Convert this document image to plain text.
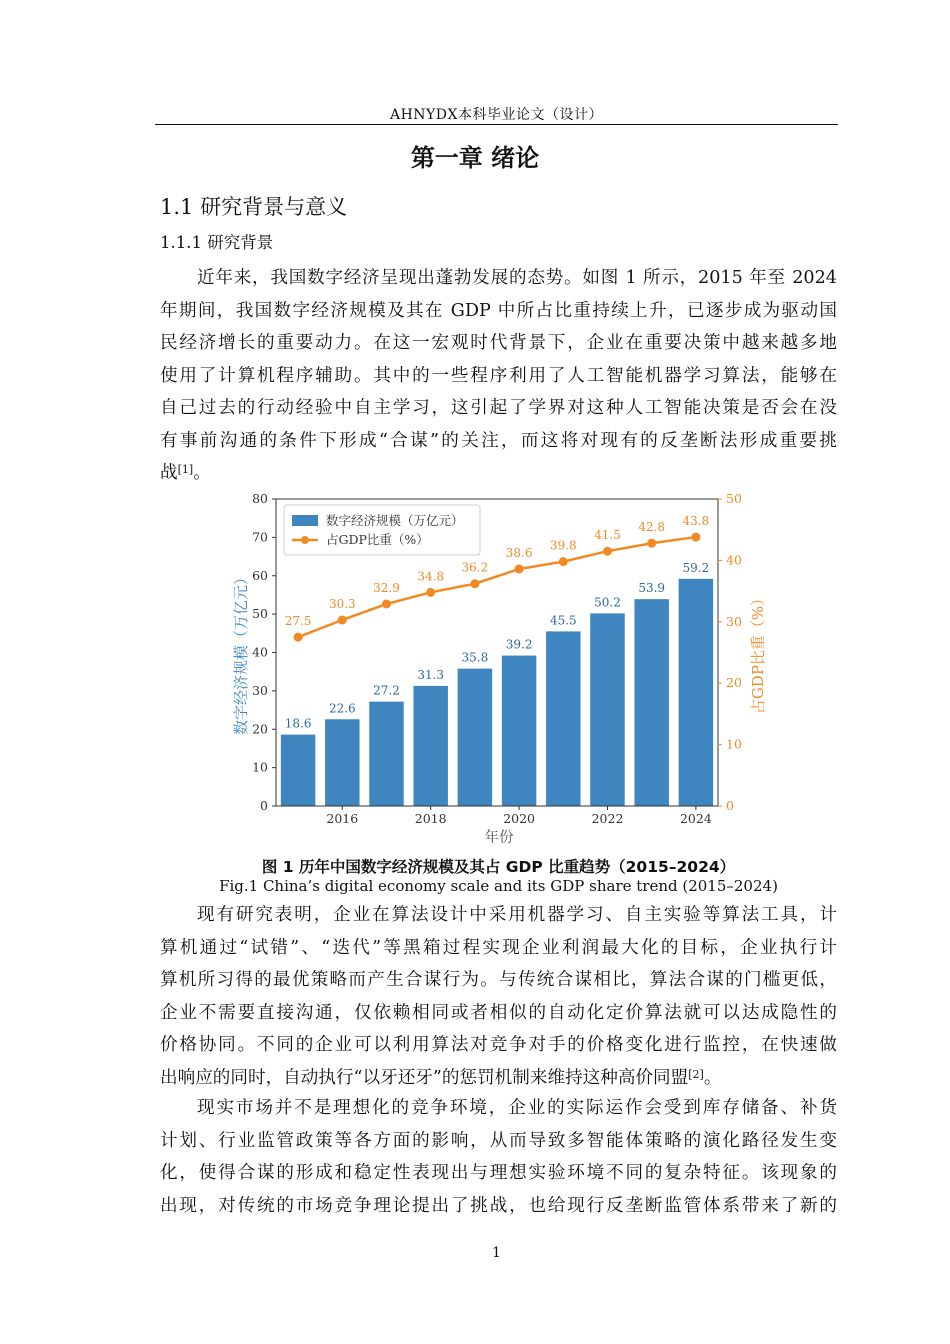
AHNYDX本科毕业论文（设计）
第一章 绪论
1.1 研究背景与意义
1.1.1 研究背景

近年来，我国数字经济呈现出蓬勃发展的态势。如图 1 所示，2015 年至 2024
年期间，我国数字经济规模及其在 GDP 中所占比重持续上升，已逐步成为驱动国
民经济增长的重要动力。在这一宏观时代背景下，企业在重要决策中越来越多地
使用了计算机程序辅助。其中的一些程序利用了人工智能机器学习算法，能够在
自己过去的行动经验中自主学习，这引起了学界对这种人工智能决策是否会在没
有事前沟通的条件下形成“合谋”的关注，而这将对现有的反垄断法形成重要挑
战[1]。

18.6
22.6
27.2
31.3
35.8
39.2
45.5
50.2
53.9
59.2
27.5
30.3
32.9
34.8
36.2
38.6
39.8
41.5
42.8 43.8
0
10
20
30
40
50
60
70
80
0
10
20
30
40
50
2016	2018	2020	2022	2024
年份
数字经济规模（万亿元）	占GDP比重（%）
数字经济规模（万亿元）
占GDP比重（%）
图 1 历年中国数字经济规模及其占 GDP 比重趋势（2015–2024）
Fig.1 China’s digital economy scale and its GDP share trend (2015–2024)

现有研究表明，企业在算法设计中采用机器学习、自主实验等算法工具，计
算机通过“试错”、“迭代”等黑箱过程实现企业利润最大化的目标，企业执行计
算机所习得的最优策略而产生合谋行为。与传统合谋相比，算法合谋的门槛更低，
企业不需要直接沟通，仅依赖相同或者相似的自动化定价算法就可以达成隐性的
价格协同。不同的企业可以利用算法对竞争对手的价格变化进行监控，在快速做
出响应的同时，自动执行“以牙还牙”的惩罚机制来维持这种高价同盟[2]。

现实市场并不是理想化的竞争环境，企业的实际运作会受到库存储备、补货
计划、行业监管政策等各方面的影响，从而导致多智能体策略的演化路径发生变
化，使得合谋的形成和稳定性表现出与理想实验环境不同的复杂特征。该现象的
出现，对传统的市场竞争理论提出了挑战，也给现行反垄断监管体系带来了新的

1
